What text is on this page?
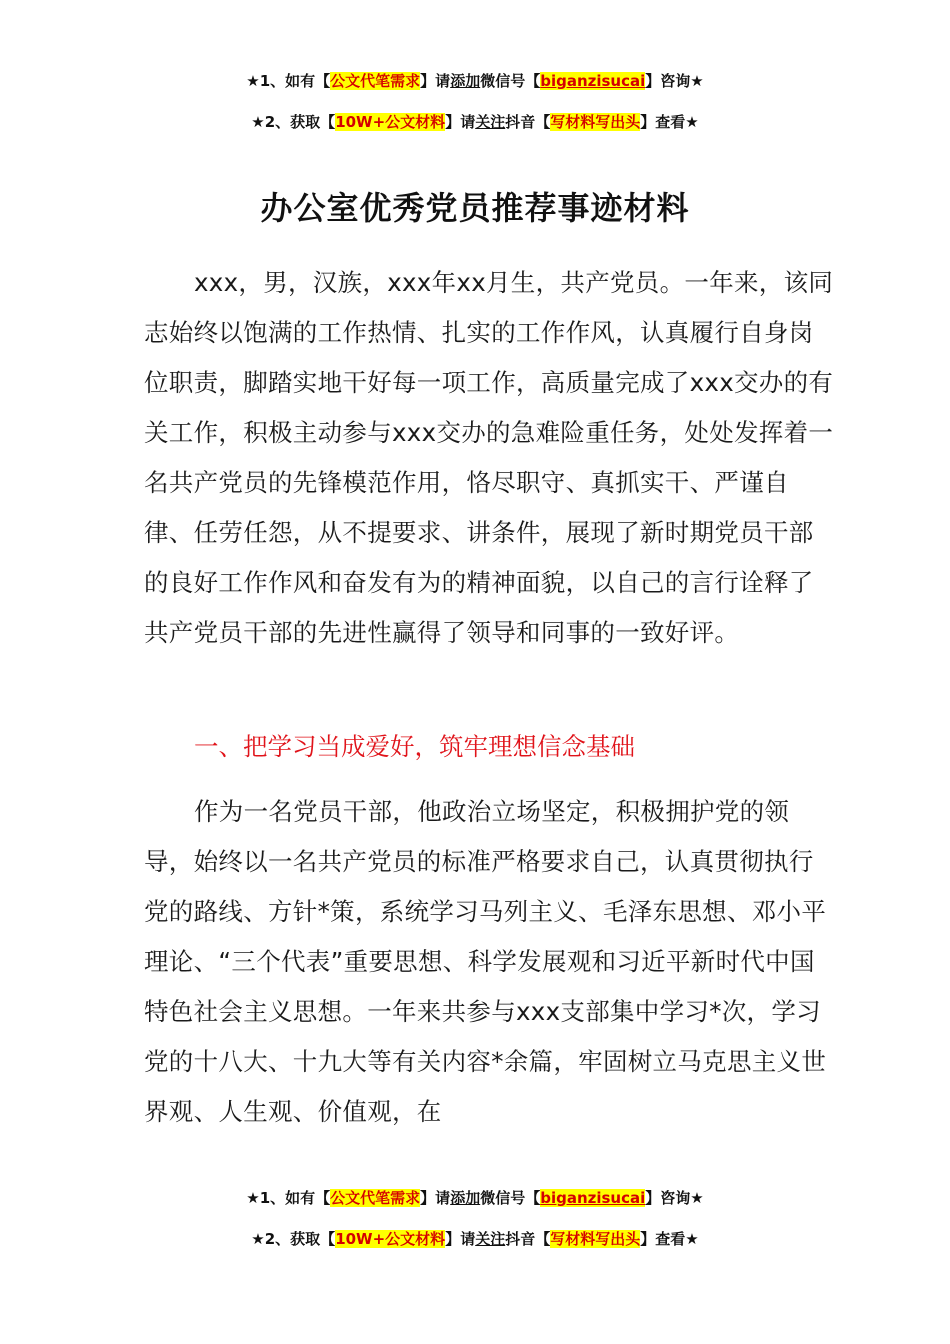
★1、如有【公文代笔需求】请添加微信号【biganzisucai】咨询★
★2、获取【10W+公文材料】请关注抖音【写材料写出头】查看★
办公室优秀党员推荐事迹材料

xxx，男，汉族，xxx年xx月生，共产党员。一年来，该同志始终以饱满的工作热情、扎实的工作作风，认真履行自身岗位职责，脚踏实地干好每一项工作，高质量完成了xxx交办的有关工作，积极主动参与xxx交办的急难险重任务，处处发挥着一名共产党员的先锋模范作用，恪尽职守、真抓实干、严谨自律、任劳任怨，从不提要求、讲条件，展现了新时期党员干部的良好工作作风和奋发有为的精神面貌，以自己的言行诠释了共产党员干部的先进性赢得了领导和同事的一致好评。

一、把学习当成爱好，筑牢理想信念基础

作为一名党员干部，他政治立场坚定，积极拥护党的领导，始终以一名共产党员的标准严格要求自己，认真贯彻执行党的路线、方针*策，系统学习马列主义、毛泽东思想、邓小平理论、“三个代表”重要思想、科学发展观和习近平新时代中国特色社会主义思想。一年来共参与xxx支部集中学习*次，学习党的十八大、十九大等有关内容*余篇，牢固树立马克思主义世界观、人生观、价值观，在

★1、如有【公文代笔需求】请添加微信号【biganzisucai】咨询★
★2、获取【10W+公文材料】请关注抖音【写材料写出头】查看★
